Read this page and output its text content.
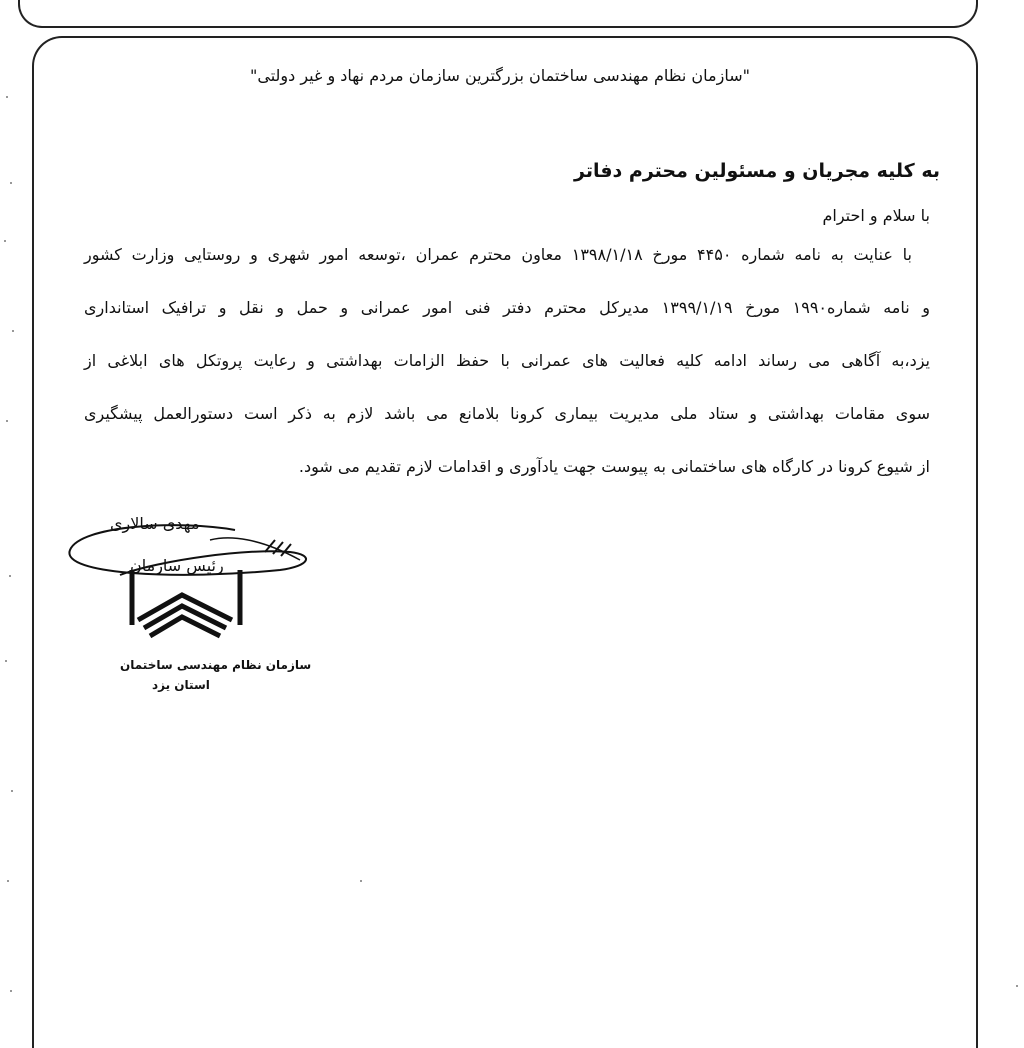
"سازمان نظام مهندسی ساختمان بزرگترین سازمان مردم نهاد و غیر دولتی"
به کلیه مجریان و مسئولین محترم دفاتر
با سلام و احترام
با عنایت به نامه شماره ۴۴۵۰ مورخ ۱۳۹۸/۱/۱۸ معاون محترم عمران ،توسعه امور شهری و روستایی وزارت کشور
و نامه شماره۱۹۹۰ مورخ ۱۳۹۹/۱/۱۹ مدیرکل محترم دفتر فنی امور عمرانی و حمل و نقل و ترافیک استانداری
یزد،به آگاهی می رساند ادامه کلیه فعالیت های عمرانی با حفظ الزامات بهداشتی و رعایت پروتکل های ابلاغی از
سوی مقامات بهداشتی و ستاد ملی مدیریت بیماری کرونا بلامانع می باشد لازم به ذکر است دستورالعمل پیشگیری
از شیوع کرونا در کارگاه های ساختمانی به پیوست جهت یادآوری و اقدامات لازم تقدیم می شود.
مهدی سالاری
رئیس سازمان
سازمان نظام مهندسی ساختمان
استان یزد
